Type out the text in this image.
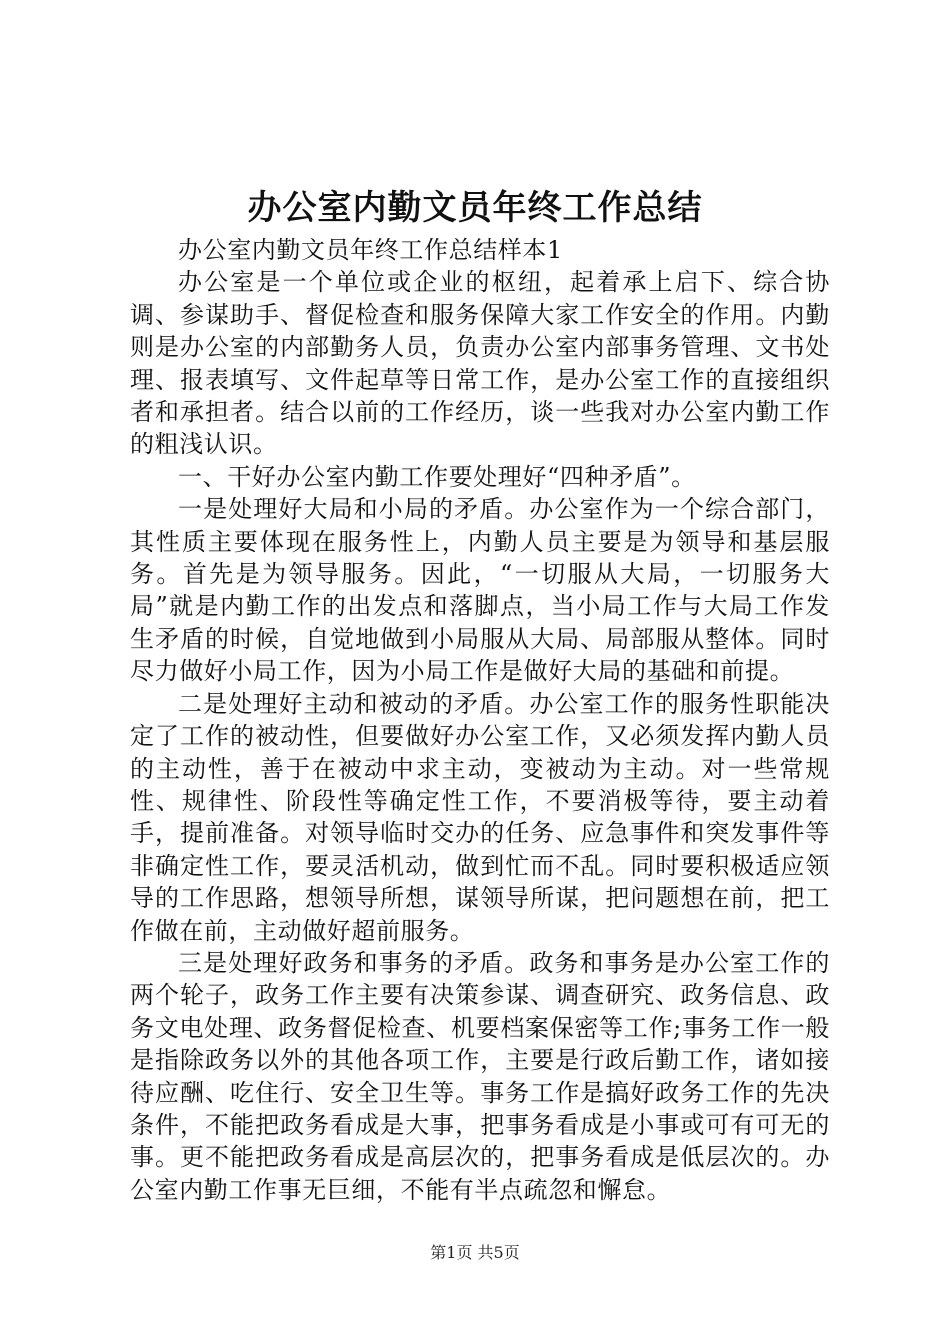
办公室内勤文员年终工作总结

办公室内勤文员年终工作总结样本1

办公室是一个单位或企业的枢纽，起着承上启下、综合协调、参谋助手、督促检查和服务保障大家工作安全的作用。内勤则是办公室的内部勤务人员，负责办公室内部事务管理、文书处理、报表填写、文件起草等日常工作，是办公室工作的直接组织者和承担者。结合以前的工作经历，谈一些我对办公室内勤工作的粗浅认识。

一、干好办公室内勤工作要处理好“四种矛盾”。

一是处理好大局和小局的矛盾。办公室作为一个综合部门，其性质主要体现在服务性上，内勤人员主要是为领导和基层服务。首先是为领导服务。因此，“一切服从大局，一切服务大局”就是内勤工作的出发点和落脚点，当小局工作与大局工作发生矛盾的时候，自觉地做到小局服从大局、局部服从整体。同时尽力做好小局工作，因为小局工作是做好大局的基础和前提。

二是处理好主动和被动的矛盾。办公室工作的服务性职能决定了工作的被动性，但要做好办公室工作，又必须发挥内勤人员的主动性，善于在被动中求主动，变被动为主动。对一些常规性、规律性、阶段性等确定性工作，不要消极等待，要主动着手，提前准备。对领导临时交办的任务、应急事件和突发事件等非确定性工作，要灵活机动，做到忙而不乱。同时要积极适应领导的工作思路，想领导所想，谋领导所谋，把问题想在前，把工作做在前，主动做好超前服务。

三是处理好政务和事务的矛盾。政务和事务是办公室工作的两个轮子，政务工作主要有决策参谋、调查研究、政务信息、政务文电处理、政务督促检查、机要档案保密等工作;事务工作一般是指除政务以外的其他各项工作，主要是行政后勤工作，诸如接待应酬、吃住行、安全卫生等。事务工作是搞好政务工作的先决条件，不能把政务看成是大事，把事务看成是小事或可有可无的事。更不能把政务看成是高层次的，把事务看成是低层次的。办公室内勤工作事无巨细，不能有半点疏忽和懈怠。

第1页 共5页
